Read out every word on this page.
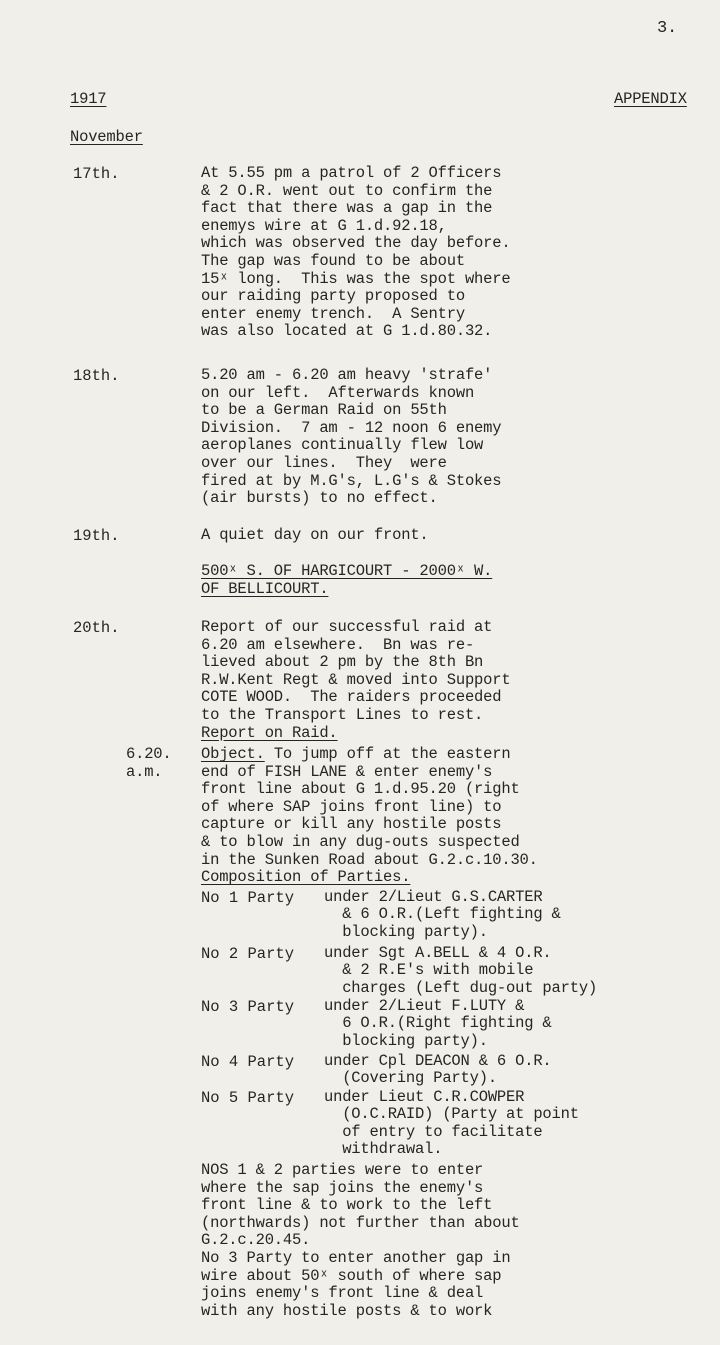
3.
1917	APPENDIX
November
17th.	At 5.55 pm a patrol of 2 Officers
& 2 O.R. went out to confirm the
fact that there was a gap in the
enemys wire at G 1.d.92.18,
which was observed the day before.
The gap was found to be about
15ˣ long.  This was the spot where
our raiding party proposed to
enter enemy trench.  A Sentry
was also located at G 1.d.80.32.
18th.	5.20 am - 6.20 am heavy 'strafe'
on our left.  Afterwards known
to be a German Raid on 55th
Division.  7 am - 12 noon 6 enemy
aeroplanes continually flew low
over our lines.  They  were
fired at by M.G's, L.G's & Stokes
(air bursts) to no effect.
19th.	A quiet day on our front.
500ˣ S. OF HARGICOURT - 2000ˣ W.
OF BELLICOURT.
20th.	Report of our successful raid at
6.20 am elsewhere.  Bn was re-
lieved about 2 pm by the 8th Bn
R.W.Kent Regt & moved into Support
COTE WOOD.  The raiders proceeded
to the Transport Lines to rest.
Report on Raid.
6.20.
a.m.
Object. To jump off at the eastern
end of FISH LANE & enter enemy's
front line about G 1.d.95.20 (right
of where SAP joins front line) to
capture or kill any hostile posts
& to blow in any dug-outs suspected
in the Sunken Road about G.2.c.10.30.
Composition of Parties.
No 1 Party under 2/Lieut G.S.CARTER
& 6 O.R.(Left fighting &
blocking party).
No 2 Party under Sgt A.BELL & 4 O.R.
& 2 R.E's with mobile
charges (Left dug-out party)
No 3 Party under 2/Lieut F.LUTY &
6 O.R.(Right fighting &
blocking party).
No 4 Party under Cpl DEACON & 6 O.R.
(Covering Party).
No 5 Party under Lieut C.R.COWPER
(O.C.RAID) (Party at point
of entry to facilitate
withdrawal.
NOS 1 & 2 parties were to enter
where the sap joins the enemy's
front line & to work to the left
(northwards) not further than about
G.2.c.20.45.
No 3 Party to enter another gap in
wire about 50ˣ south of where sap
joins enemy's front line & deal
with any hostile posts & to work
